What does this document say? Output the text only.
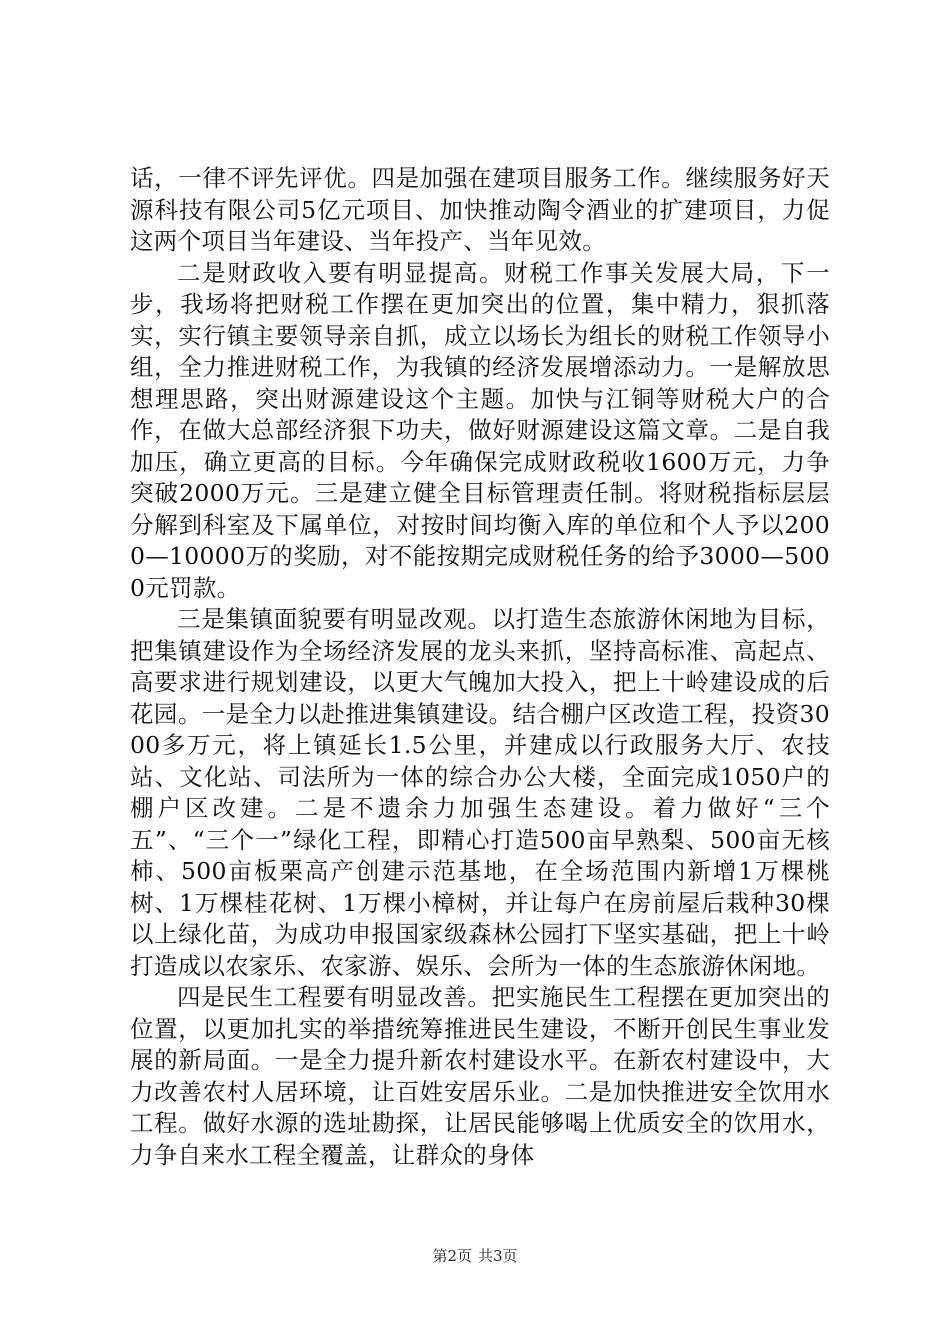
话，一律不评先评优。四是加强在建项目服务工作。继续服务好天源科技有限公司5亿元项目、加快推动陶令酒业的扩建项目，力促这两个项目当年建设、当年投产、当年见效。

二是财政收入要有明显提高。财税工作事关发展大局，下一步，我场将把财税工作摆在更加突出的位置，集中精力，狠抓落实，实行镇主要领导亲自抓，成立以场长为组长的财税工作领导小组，全力推进财税工作，为我镇的经济发展增添动力。一是解放思想理思路，突出财源建设这个主题。加快与江铜等财税大户的合作，在做大总部经济狠下功夫，做好财源建设这篇文章。二是自我加压，确立更高的目标。今年确保完成财政税收1600万元，力争突破2000万元。三是建立健全目标管理责任制。将财税指标层层分解到科室及下属单位，对按时间均衡入库的单位和个人予以2000—10000万的奖励，对不能按期完成财税任务的给予3000—5000元罚款。

三是集镇面貌要有明显改观。以打造生态旅游休闲地为目标，把集镇建设作为全场经济发展的龙头来抓，坚持高标准、高起点、高要求进行规划建设，以更大气魄加大投入，把上十岭建设成的后花园。一是全力以赴推进集镇建设。结合棚户区改造工程，投资3000多万元，将上镇延长1.5公里，并建成以行政服务大厅、农技站、文化站、司法所为一体的综合办公大楼，全面完成1050户的棚户区改建。二是不遗余力加强生态建设。着力做好“三个五”、“三个一”绿化工程，即精心打造500亩早熟梨、500亩无核柿、500亩板栗高产创建示范基地，在全场范围内新增1万棵桃树、1万棵桂花树、1万棵小樟树，并让每户在房前屋后栽种30棵以上绿化苗，为成功申报国家级森林公园打下坚实基础，把上十岭打造成以农家乐、农家游、娱乐、会所为一体的生态旅游休闲地。

四是民生工程要有明显改善。把实施民生工程摆在更加突出的位置，以更加扎实的举措统筹推进民生建设，不断开创民生事业发展的新局面。一是全力提升新农村建设水平。在新农村建设中，大力改善农村人居环境，让百姓安居乐业。二是加快推进安全饮用水工程。做好水源的选址勘探，让居民能够喝上优质安全的饮用水，力争自来水工程全覆盖，让群众的身体

第2页 共3页
